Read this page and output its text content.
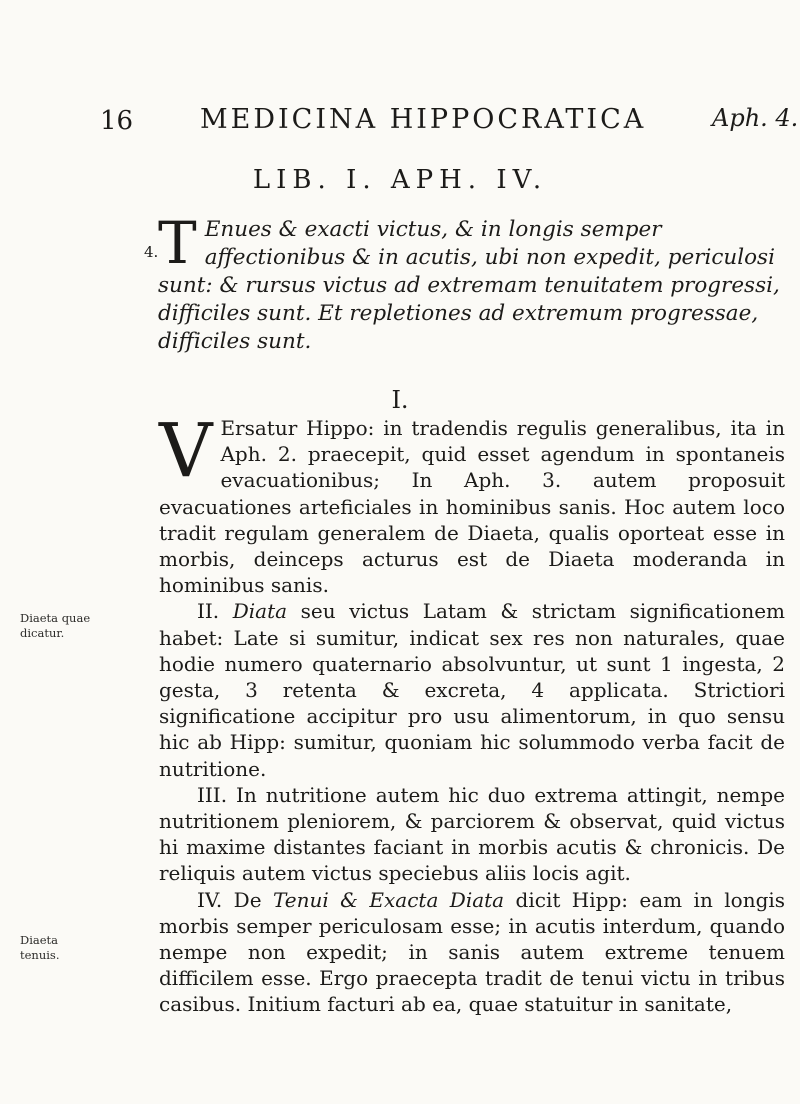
16 MEDICINA HIPPOCRATICA	Aph. 4.
LIB. I. APH. IV.
4. T Enues & exacti victus, & in longis semper affectionibus & in acutis, ubi non expedit, periculosi sunt: & rursus victus ad extremam tenuitatem progressi, difficiles sunt. Et repletiones ad extremum progressae, difficiles sunt.
I.

V Ersatur Hippo: in tradendis regulis generalibus, ita in Aph. 2. praecepit, quid esset agendum in spontaneis evacuationibus; In Aph. 3. autem proposuit evacuationes arteficiales in hominibus sanis. Hoc autem loco tradit regulam generalem de Diaeta, qualis oporteat esse in morbis, deinceps acturus est de Diaeta moderanda in hominibus sanis.

II. Diata seu victus Latam & strictam significationem habet: Late si sumitur, indicat sex res non naturales, quae hodie numero quaternario absolvuntur, ut sunt 1 ingesta, 2 gesta, 3 retenta & excreta, 4 applicata. Strictiori significatione accipitur pro usu alimentorum, in quo sensu hic ab Hipp: sumitur, quoniam hic solummodo verba facit de nutritione.

III. In nutritione autem hic duo extrema attingit, nempe nutritionem pleniorem, & parciorem & observat, quid victus hi maxime distantes faciant in morbis acutis & chronicis. De reliquis autem victus speciebus aliis locis agit.

IV. De Tenui & Exacta Diata dicit Hipp: eam in longis morbis semper periculosam esse; in acutis interdum, quando nempe non expedit; in sanis autem extreme tenuem difficilem esse. Ergo praecepta tradit de tenui victu in tribus casibus. Initium facturi ab ea, quae statuitur in sanitate,

Diaeta quae dicatur.
Diaeta tenuis.
